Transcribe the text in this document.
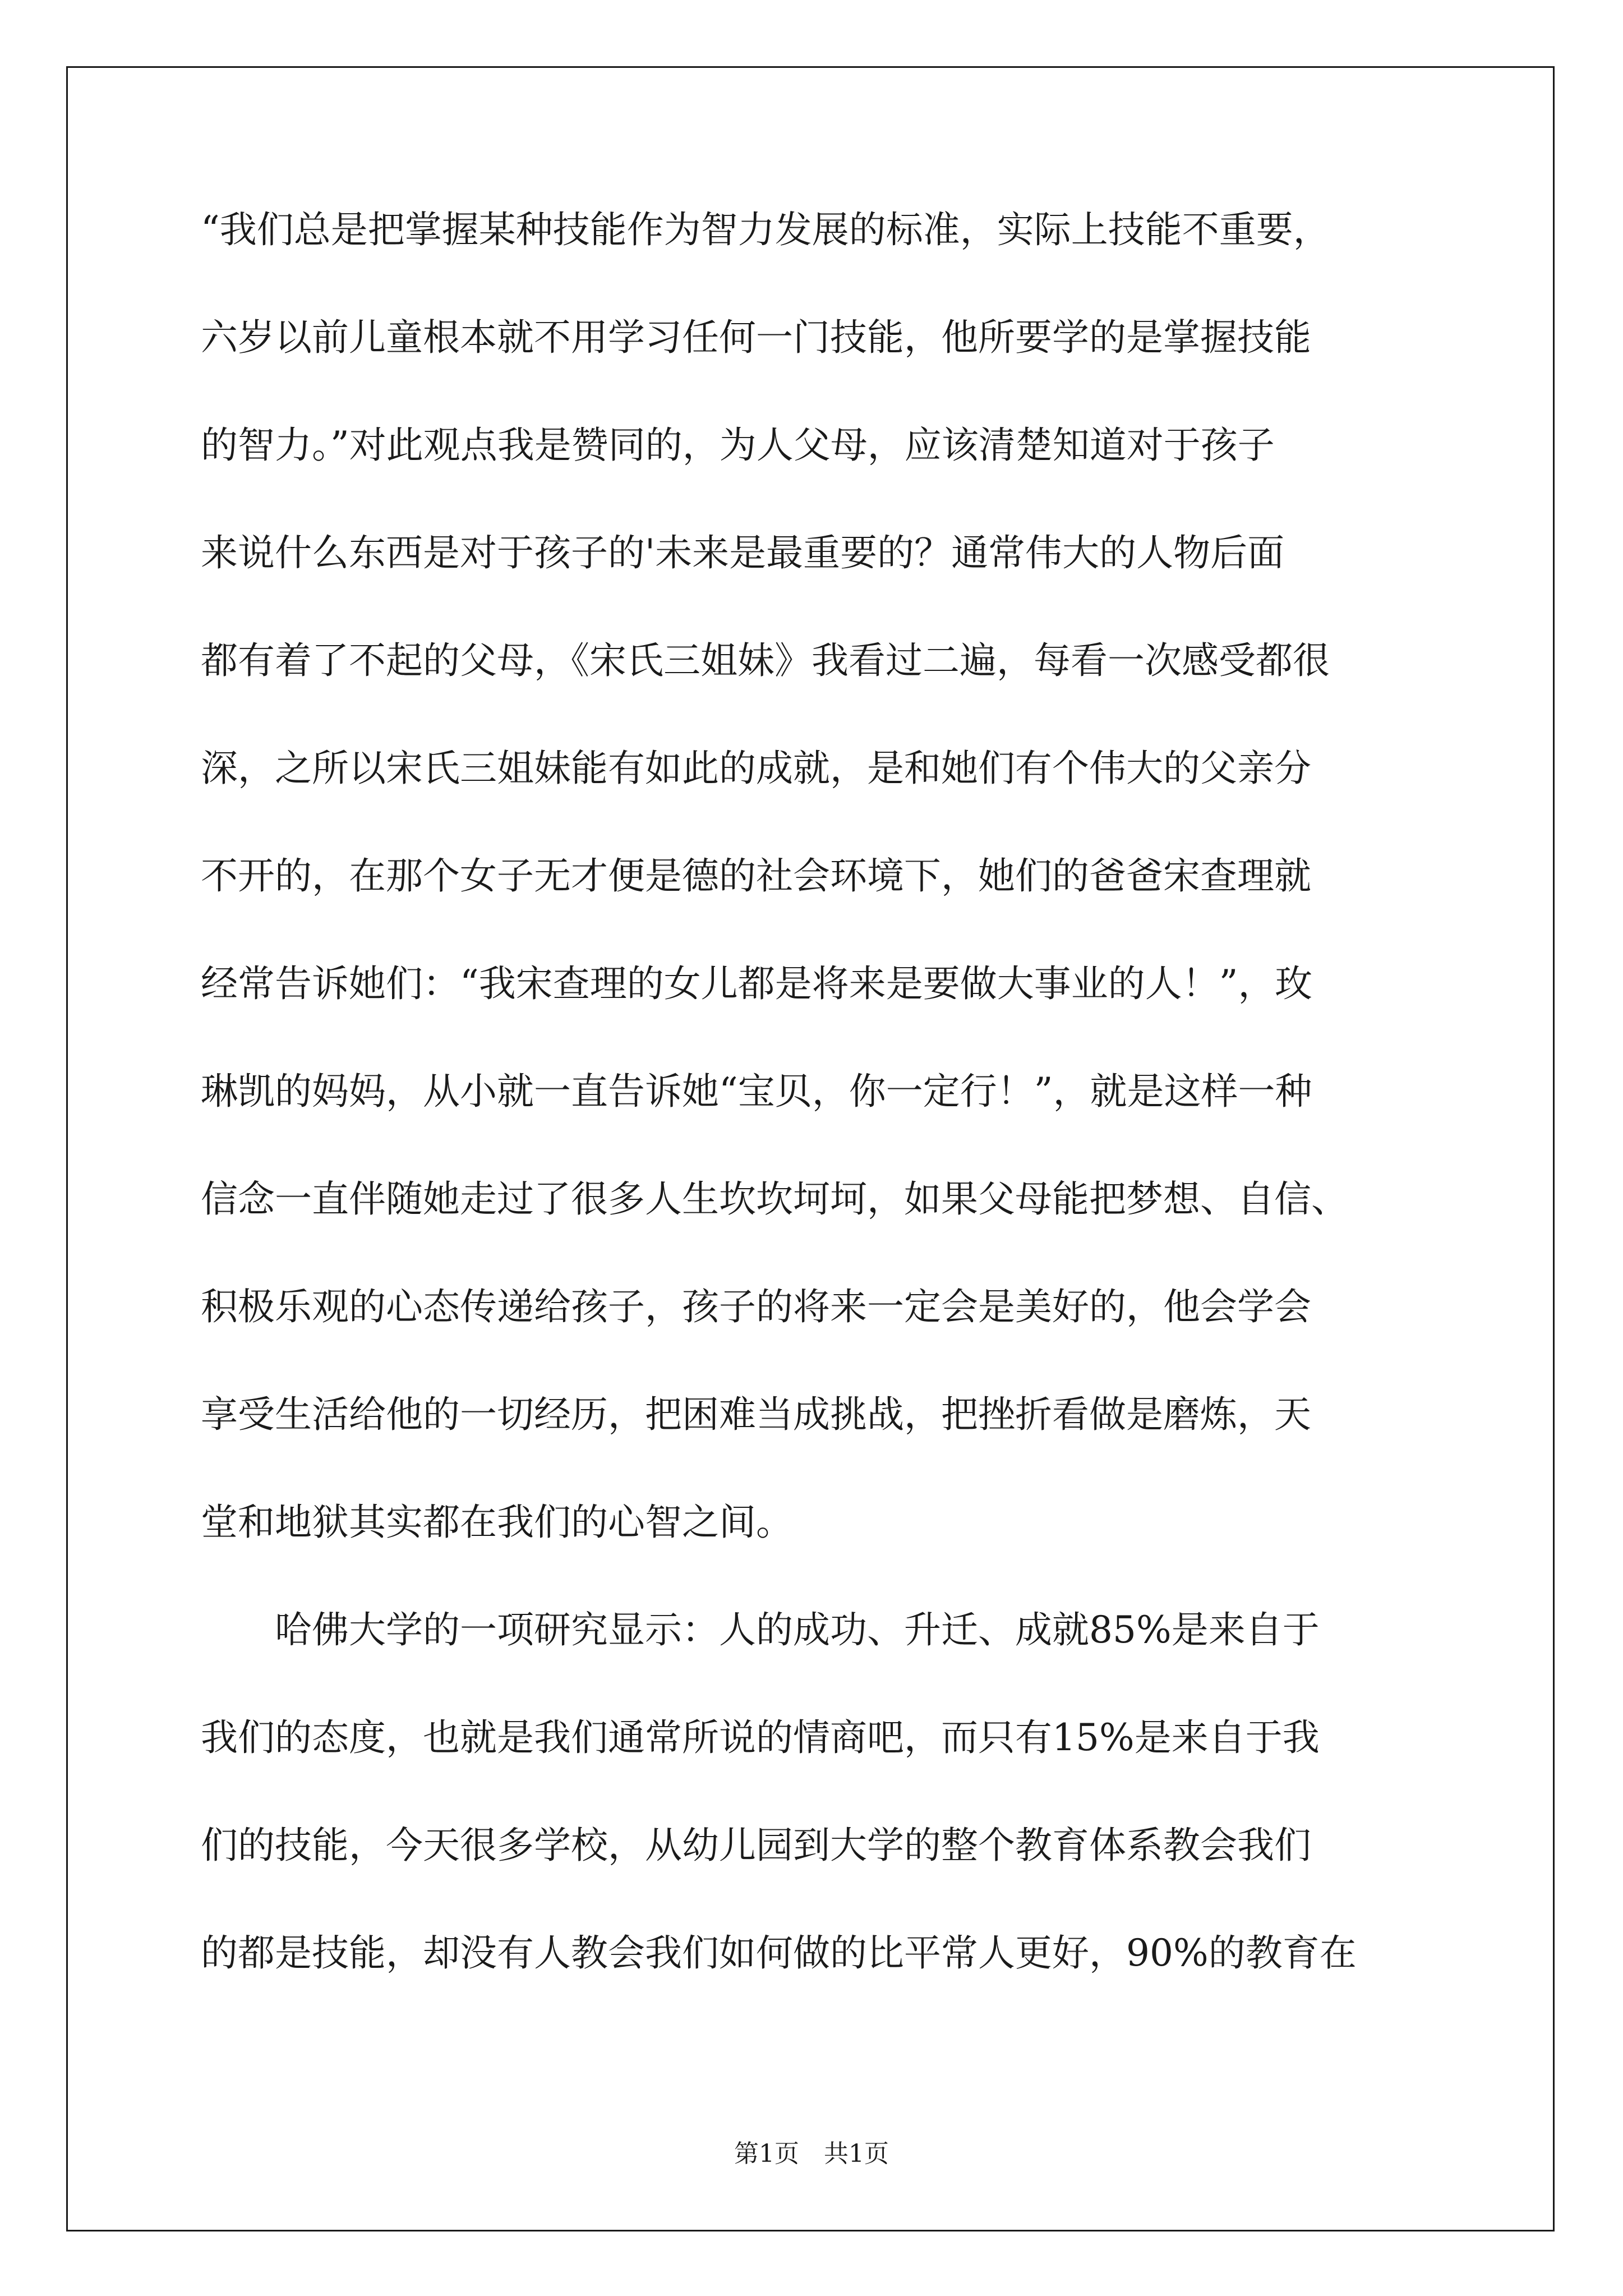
“我们总是把掌握某种技能作为智力发展的标准，实际上技能不重要，
六岁以前儿童根本就不用学习任何一门技能，他所要学的是掌握技能
的智力。”对此观点我是赞同的，为人父母，应该清楚知道对于孩子
来说什么东西是对于孩子的'未来是最重要的？通常伟大的人物后面
都有着了不起的父母，《宋氏三姐妹》我看过二遍，每看一次感受都很
深，之所以宋氏三姐妹能有如此的成就，是和她们有个伟大的父亲分
不开的，在那个女子无才便是德的社会环境下，她们的爸爸宋查理就
经常告诉她们：“我宋查理的女儿都是将来是要做大事业的人！”，玫
琳凯的妈妈，从小就一直告诉她“宝贝，你一定行！”，就是这样一种
信念一直伴随她走过了很多人生坎坎坷坷，如果父母能把梦想、自信、
积极乐观的心态传递给孩子，孩子的将来一定会是美好的，他会学会
享受生活给他的一切经历，把困难当成挑战，把挫折看做是磨炼，天
堂和地狱其实都在我们的心智之间。
　　哈佛大学的一项研究显示：人的成功、升迁、成就85%是来自于
我们的态度，也就是我们通常所说的情商吧，而只有15%是来自于我
们的技能，今天很多学校，从幼儿园到大学的整个教育体系教会我们
的都是技能，却没有人教会我们如何做的比平常人更好，90%的教育在
第1页　共1页
